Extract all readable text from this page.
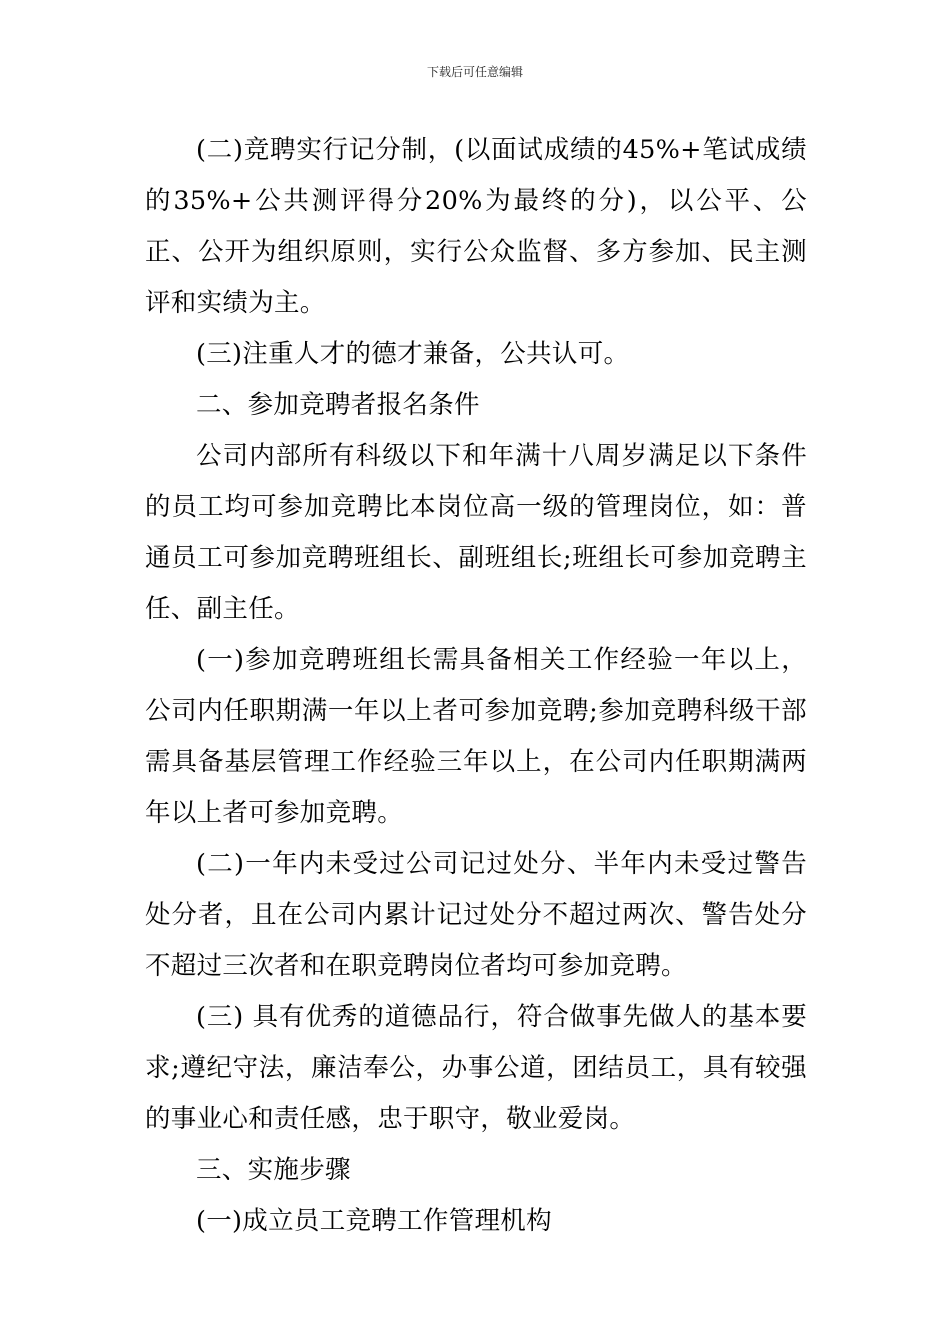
下载后可任意编辑

(二)竞聘实行记分制，(以面试成绩的45%+笔试成绩的35%+公共测评得分20%为最终的分)，以公平、公正、公开为组织原则，实行公众监督、多方参加、民主测评和实绩为主。

(三)注重人才的德才兼备，公共认可。

二、参加竞聘者报名条件

公司内部所有科级以下和年满十八周岁满足以下条件的员工均可参加竞聘比本岗位高一级的管理岗位，如：普通员工可参加竞聘班组长、副班组长;班组长可参加竞聘主任、副主任。

(一)参加竞聘班组长需具备相关工作经验一年以上，公司内任职期满一年以上者可参加竞聘;参加竞聘科级干部需具备基层管理工作经验三年以上，在公司内任职期满两年以上者可参加竞聘。

(二)一年内未受过公司记过处分、半年内未受过警告处分者，且在公司内累计记过处分不超过两次、警告处分不超过三次者和在职竞聘岗位者均可参加竞聘。

(三) 具有优秀的道德品行，符合做事先做人的基本要求;遵纪守法，廉洁奉公，办事公道，团结员工，具有较强的事业心和责任感，忠于职守，敬业爱岗。

三、实施步骤

(一)成立员工竞聘工作管理机构
